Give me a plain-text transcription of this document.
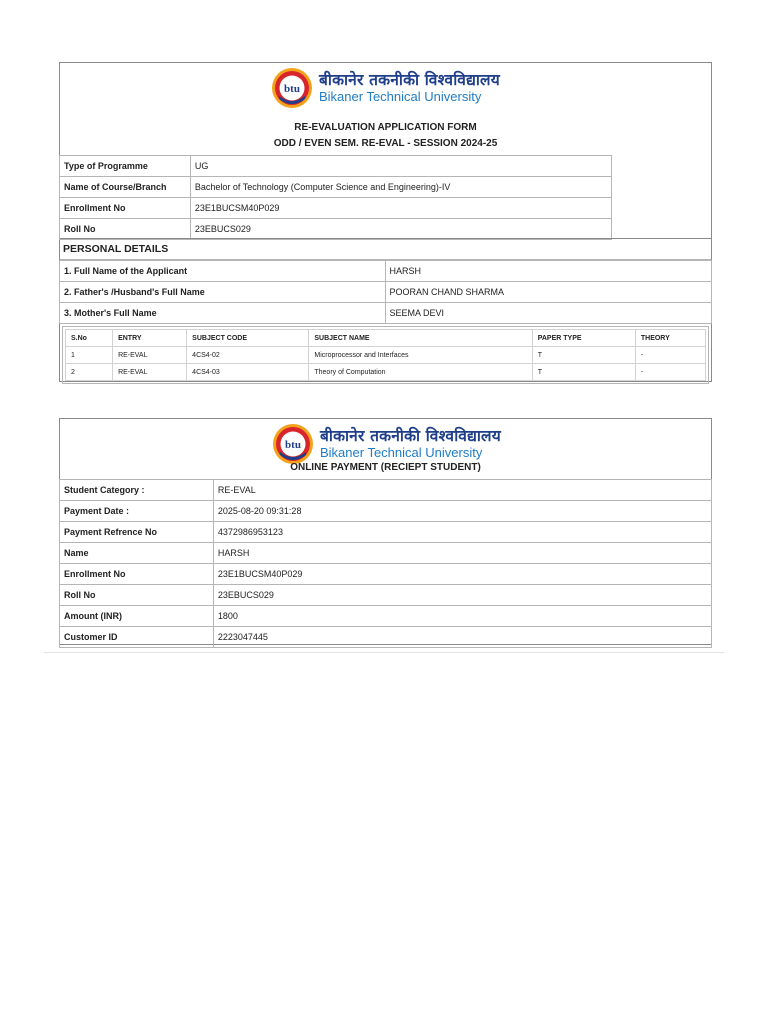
btu
बीकानेर तकनीकी विश्वविद्यालय
Bikaner Technical University
RE-EVALUATION APPLICATION FORM
ODD / EVEN SEM. RE-EVAL - SESSION 2024-25
Type of Programme	UG
Name of Course/Branch	Bachelor of Technology (Computer Science and Engineering)-IV
Enrollment No	23E1BUCSM40P029
Roll No	23EBUCS029
PERSONAL DETAILS
1. Full Name of the Applicant	HARSH
2. Father's /Husband's Full Name	POORAN CHAND SHARMA
3. Mother's Full Name	SEEMA DEVI
S.No	ENTRY	SUBJECT CODE	SUBJECT NAME	PAPER TYPE	THEORY
1	RE-EVAL	4CS4-02	Microprocessor and Interfaces	T	-
2	RE-EVAL	4CS4-03	Theory of Computation	T	-
btu
बीकानेर तकनीकी विश्वविद्यालय
Bikaner Technical University
ONLINE PAYMENT (RECIEPT STUDENT)
Student Category :	RE-EVAL
Payment Date :	2025-08-20 09:31:28
Payment Refrence No	4372986953123
Name	HARSH
Enrollment No	23E1BUCSM40P029
Roll No	23EBUCS029
Amount (INR)	1800
Customer ID	2223047445
